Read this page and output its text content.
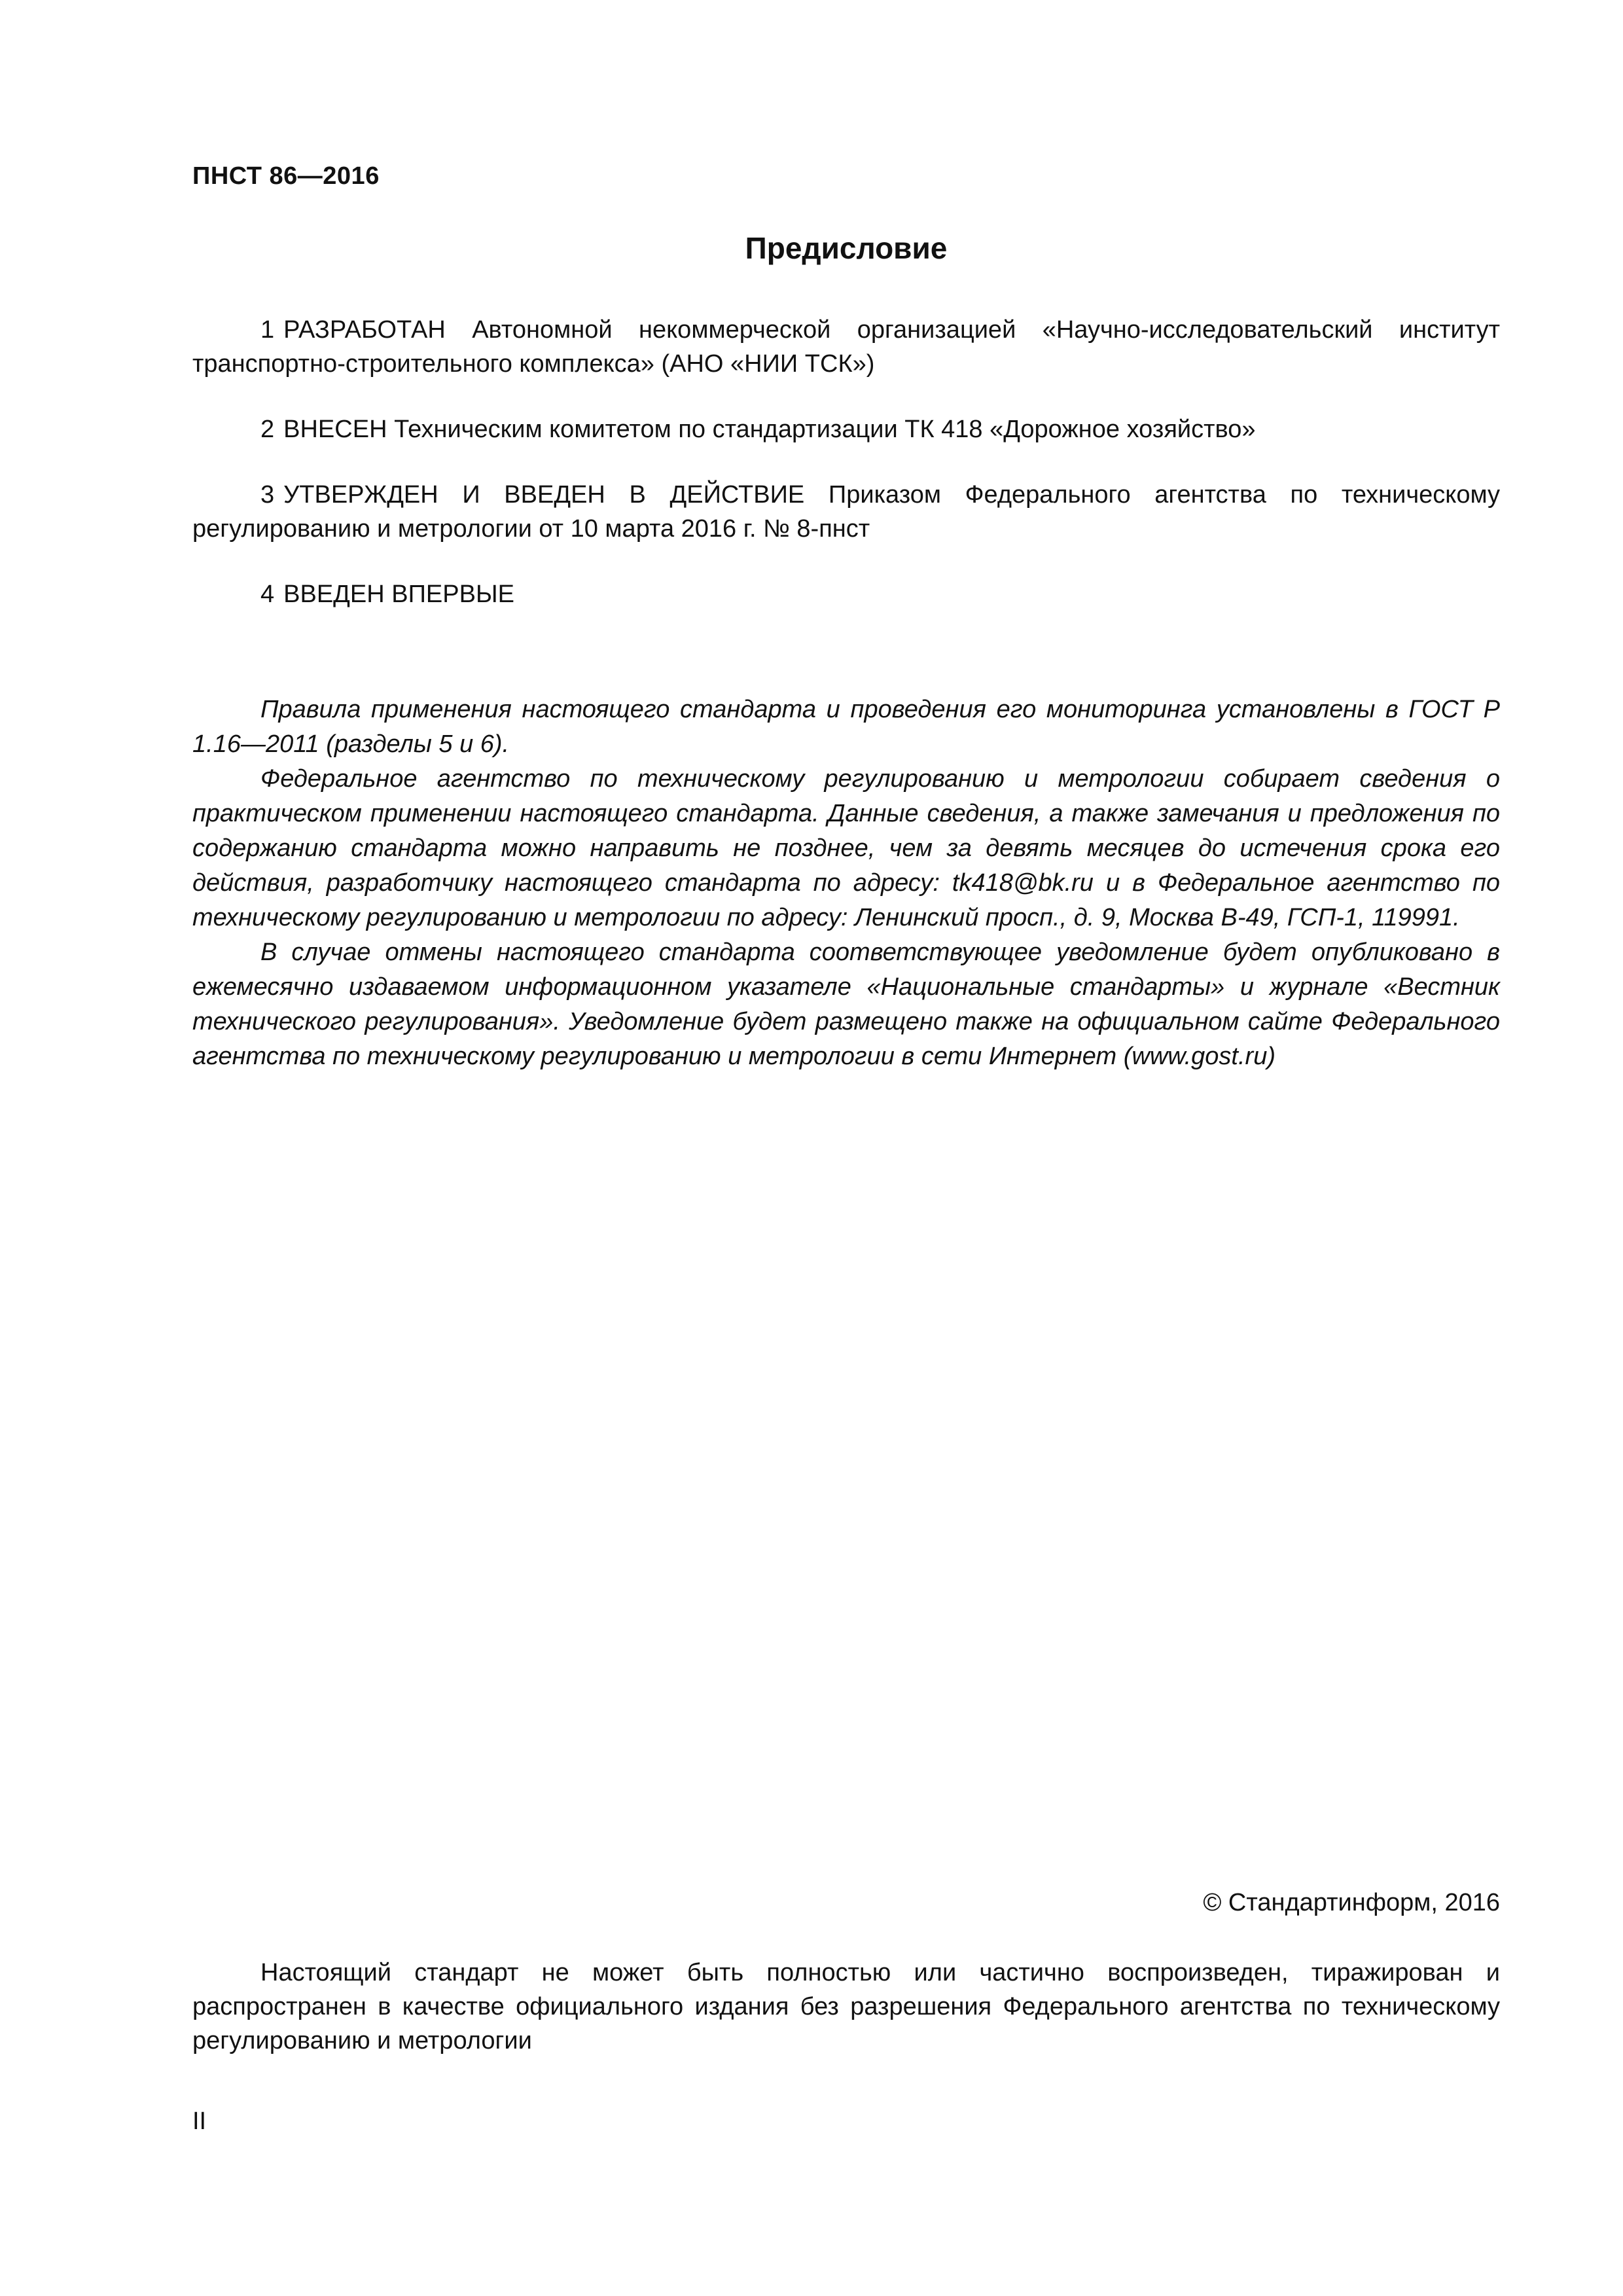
ПНСТ 86—2016
Предисловие

1 РАЗРАБОТАН Автономной некоммерческой организацией «Научно-исследовательский институт транспортно-строительного комплекса» (АНО «НИИ ТСК»)

2 ВНЕСЕН Техническим комитетом по стандартизации ТК 418 «Дорожное хозяйство»

3 УТВЕРЖДЕН И ВВЕДЕН В ДЕЙСТВИЕ Приказом Федерального агентства по техническому регулированию и метрологии от 10 марта 2016 г. № 8-пнст

4 ВВЕДЕН ВПЕРВЫЕ

Правила применения настоящего стандарта и проведения его мониторинга установлены в ГОСТ Р 1.16—2011 (разделы 5 и 6).

Федеральное агентство по техническому регулированию и метрологии собирает сведения о практическом применении настоящего стандарта. Данные сведения, а также замечания и предложения по содержанию стандарта можно направить не позднее, чем за девять месяцев до истечения срока его действия, разработчику настоящего стандарта по адресу: tk418@bk.ru и в Федеральное агентство по техническому регулированию и метрологии по адресу: Ленинский просп., д. 9, Москва В-49, ГСП-1, 119991.

В случае отмены настоящего стандарта соответствующее уведомление будет опубликовано в ежемесячно издаваемом информационном указателе «Национальные стандарты» и журнале «Вестник технического регулирования». Уведомление будет размещено также на официальном сайте Федерального агентства по техническому регулированию и метрологии в сети Интернет (www.gost.ru)

© Стандартинформ, 2016

Настоящий стандарт не может быть полностью или частично воспроизведен, тиражирован и распространен в качестве официального издания без разрешения Федерального агентства по техническому регулированию и метрологии

II
